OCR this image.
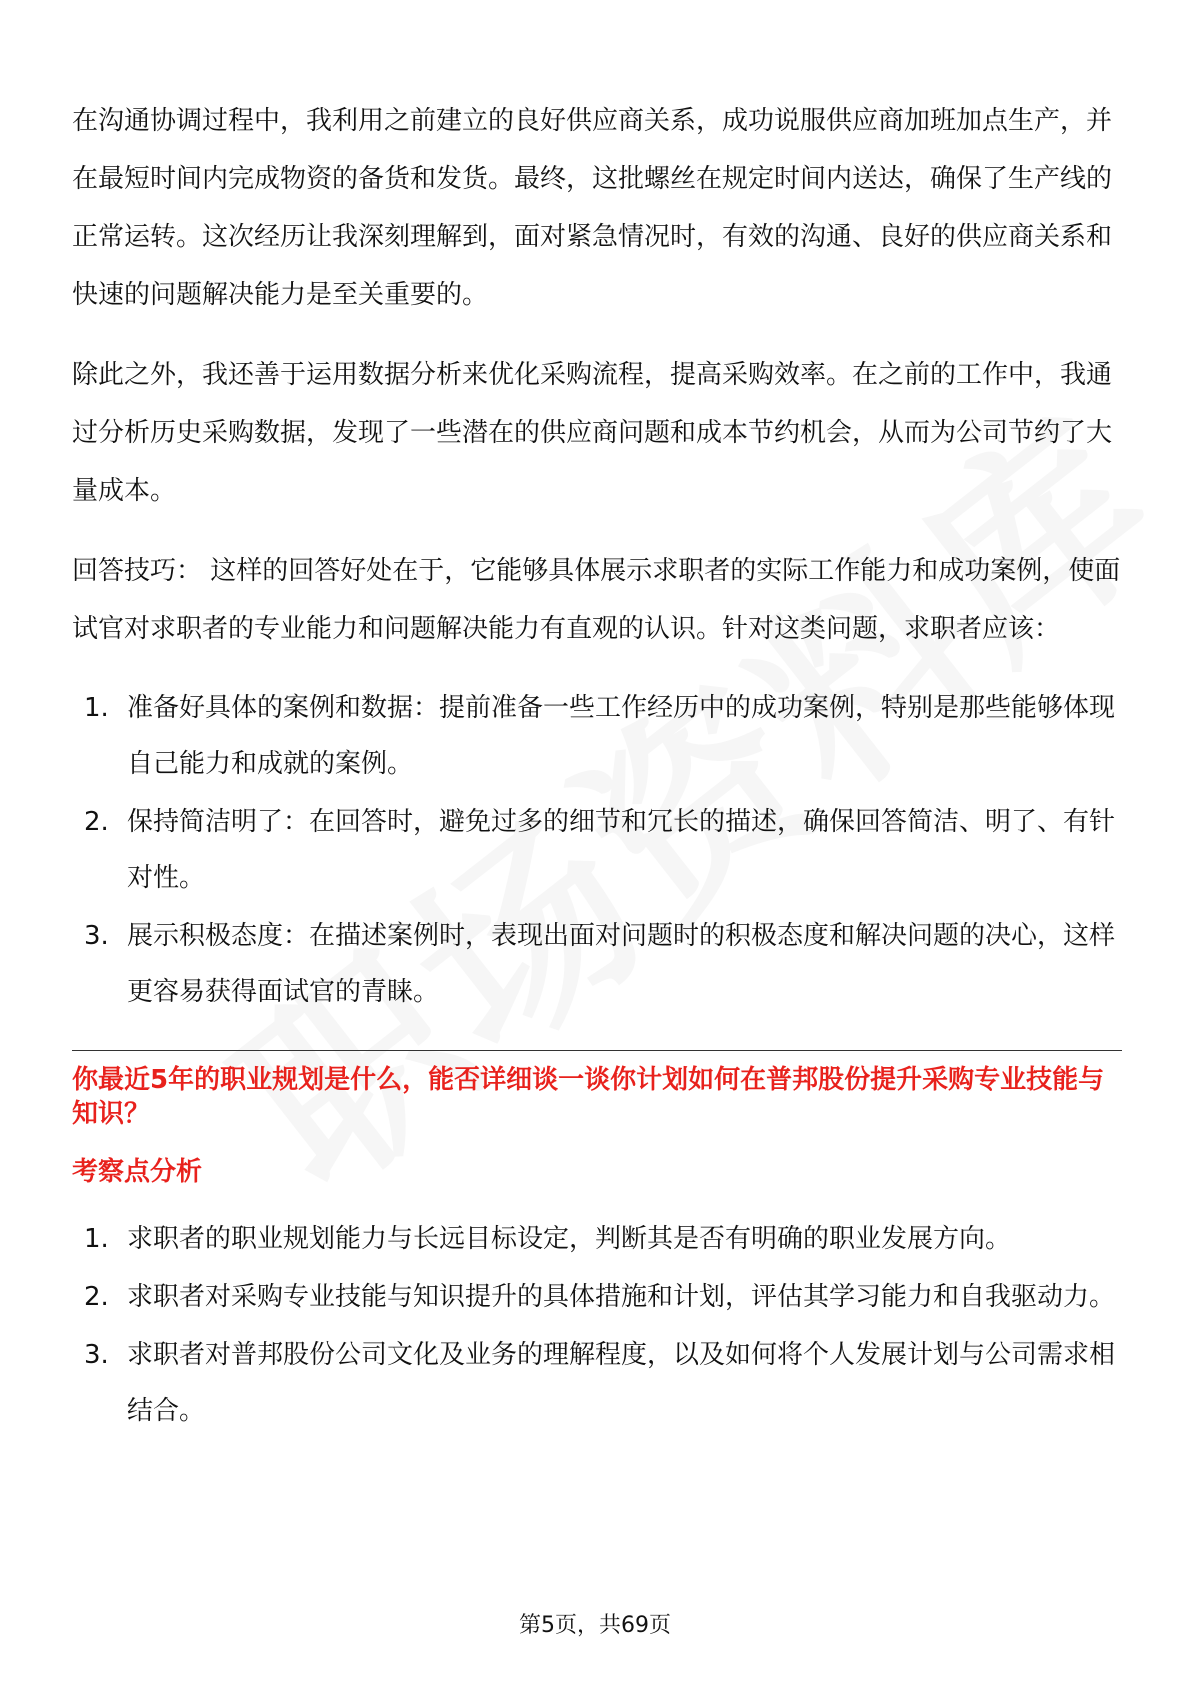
在沟通协调过程中，我利用之前建立的良好供应商关系，成功说服供应商加班加点生产，并在最短时间内完成物资的备货和发货。最终，这批螺丝在规定时间内送达，确保了生产线的正常运转。这次经历让我深刻理解到，面对紧急情况时，有效的沟通、良好的供应商关系和快速的问题解决能力是至关重要的。

除此之外，我还善于运用数据分析来优化采购流程，提高采购效率。在之前的工作中，我通过分析历史采购数据，发现了一些潜在的供应商问题和成本节约机会，从而为公司节约了大量成本。

回答技巧： 这样的回答好处在于，它能够具体展示求职者的实际工作能力和成功案例，使面试官对求职者的专业能力和问题解决能力有直观的认识。针对这类问题，求职者应该：

1. 准备好具体的案例和数据：提前准备一些工作经历中的成功案例，特别是那些能够体现自己能力和成就的案例。
2. 保持简洁明了：在回答时，避免过多的细节和冗长的描述，确保回答简洁、明了、有针对性。
3. 展示积极态度：在描述案例时，表现出面对问题时的积极态度和解决问题的决心，这样更容易获得面试官的青睐。
你最近5年的职业规划是什么，能否详细谈一谈你计划如何在普邦股份提升采购专业技能与知识？
考察点分析
1. 求职者的职业规划能力与长远目标设定，判断其是否有明确的职业发展方向。
2. 求职者对采购专业技能与知识提升的具体措施和计划，评估其学习能力和自我驱动力。
3. 求职者对普邦股份公司文化及业务的理解程度，以及如何将个人发展计划与公司需求相结合。
第5页，共69页
